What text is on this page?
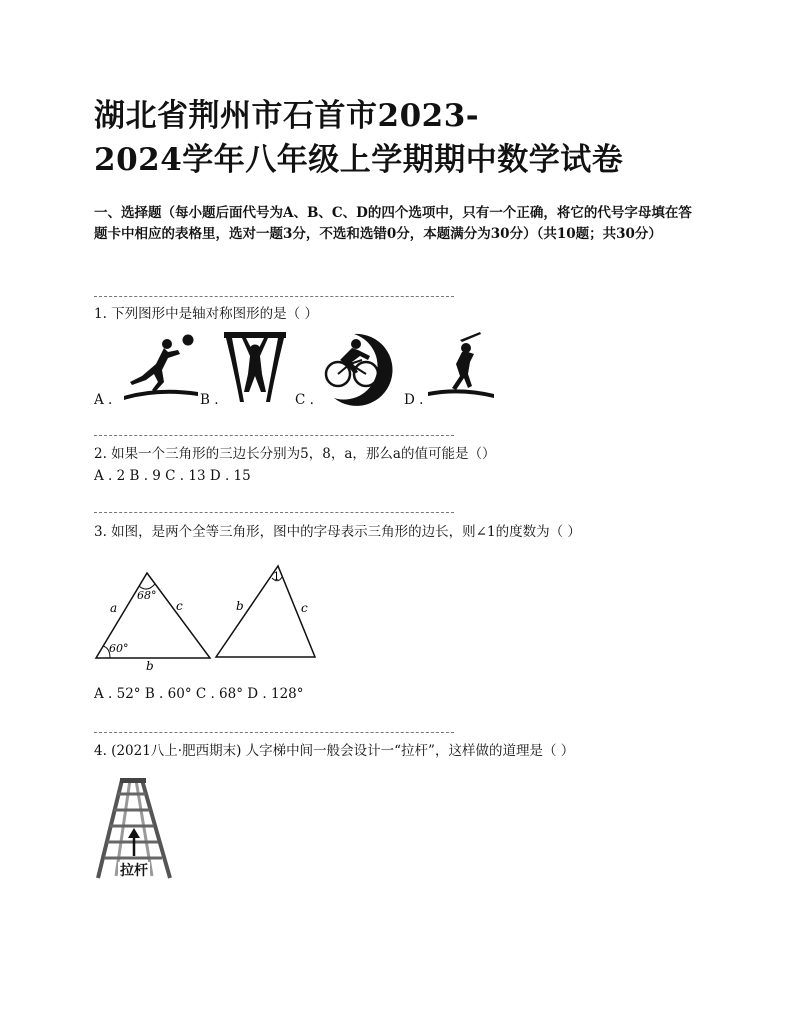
湖北省荆州市石首市2023-
2024学年八年级上学期期中数学试卷
一、选择题（每小题后面代号为A、B、C、D的四个选项中，只有一个正确，将它的代号字母填在答题卡中相应的表格里，选对一题3分，不选和选错0分，本题满分为30分）（共10题；共30分）
1. 下列图形中是轴对称图形的是（ ）
A .	B .	C .	D .
2. 如果一个三角形的三边长分别为5，8，a，那么a的值可能是（）
A . 2 B . 9 C . 13 D . 15
3. 如图，是两个全等三角形，图中的字母表示三角形的边长，则∠1的度数为（ ）
68°
60°
a	c
b
1
b	c
A . 52° B . 60° C . 68° D . 128°
4. (2021八上·肥西期末) 人字梯中间一般会设计一“拉杆”，这样做的道理是（ ）
拉杆
